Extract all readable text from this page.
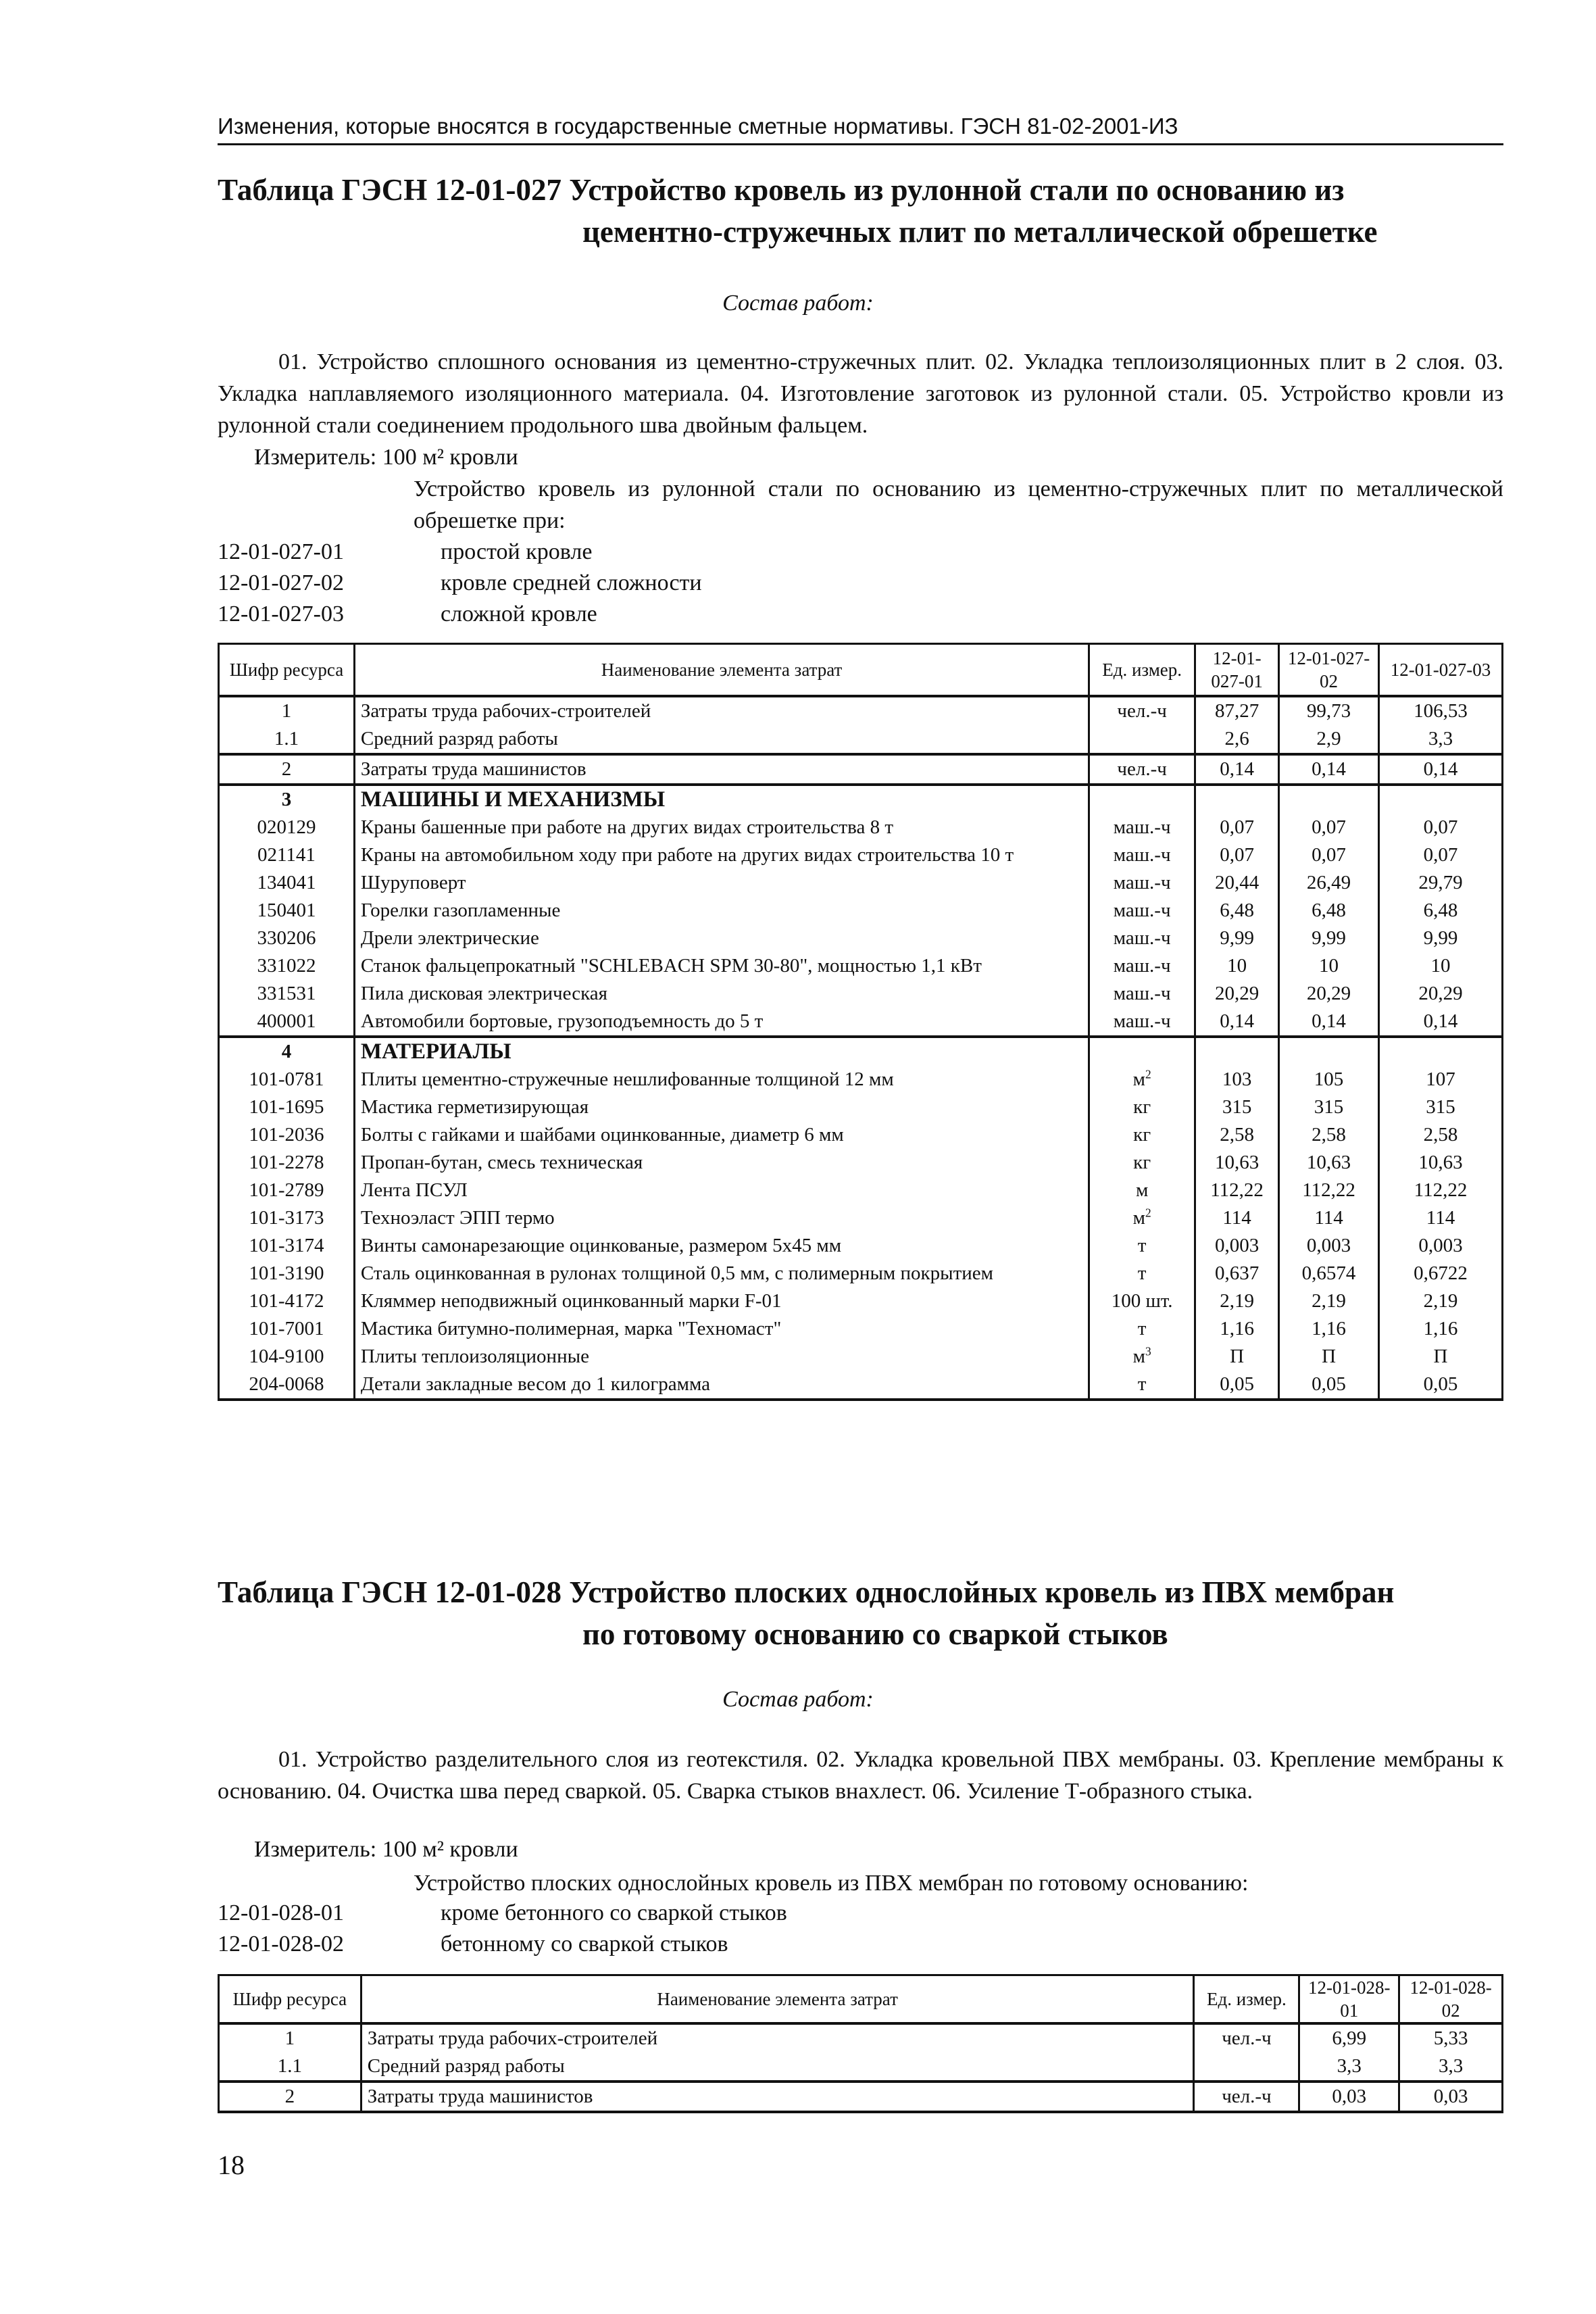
Изменения, которые вносятся в государственные сметные нормативы. ГЭСН 81-02-2001-ИЗ
Таблица ГЭСН 12-01-027 Устройство кровель из рулонной стали по основанию из
цементно-стружечных плит по металлической обрешетке
Состав работ:
01. Устройство сплошного основания из цементно-стружечных плит. 02. Укладка теплоизоляционных плит в 2 слоя. 03. Укладка наплавляемого изоляционного материала. 04. Изготовление заготовок из рулонной стали. 05. Устройство кровли из рулонной стали соединением продольного шва двойным фальцем.
Измеритель: 100 м² кровли
Устройство кровель из рулонной стали по основанию из цементно-стружечных плит по металлической обрешетке при:
12-01-027-01	простой кровле
12-01-027-02	кровле средней сложности
12-01-027-03	сложной кровле
Шифр ресурса	Наименование элемента затрат	Ед. измер.	12-01-027-01	12-01-027-02	12-01-027-03
1	Затраты труда рабочих-строителей	чел.-ч	87,27	99,73	106,53
1.1	Средний разряд работы		2,6	2,9	3,3
2	Затраты труда машинистов	чел.-ч	0,14	0,14	0,14
3	МАШИНЫ И МЕХАНИЗМЫ				
020129	Краны башенные при работе на других видах строительства 8 т	маш.-ч	0,07	0,07	0,07
021141	Краны на автомобильном ходу при работе на других видах строительства 10 т	маш.-ч	0,07	0,07	0,07
134041	Шуруповерт	маш.-ч	20,44	26,49	29,79
150401	Горелки газопламенные	маш.-ч	6,48	6,48	6,48
330206	Дрели электрические	маш.-ч	9,99	9,99	9,99
331022	Станок фальцепрокатный "SCHLEBACH SPM 30-80", мощностью 1,1 кВт	маш.-ч	10	10	10
331531	Пила дисковая электрическая	маш.-ч	20,29	20,29	20,29
400001	Автомобили бортовые, грузоподъемность до 5 т	маш.-ч	0,14	0,14	0,14
4	МАТЕРИАЛЫ				
101-0781	Плиты цементно-стружечные нешлифованные толщиной 12 мм	$м^2$	103	105	107
101-1695	Мастика герметизирующая	кг	315	315	315
101-2036	Болты с гайками и шайбами оцинкованные, диаметр 6 мм	кг	2,58	2,58	2,58
101-2278	Пропан-бутан, смесь техническая	кг	10,63	10,63	10,63
101-2789	Лента ПСУЛ	м	112,22	112,22	112,22
101-3173	Техноэласт ЭПП термо	$м^2$	114	114	114
101-3174	Винты самонарезающие оцинкованые, размером 5х45 мм	т	0,003	0,003	0,003
101-3190	Сталь оцинкованная в рулонах толщиной 0,5 мм, с полимерным покрытием	т	0,637	0,6574	0,6722
101-4172	Кляммер неподвижный оцинкованный марки F-01	100 шт.	2,19	2,19	2,19
101-7001	Мастика битумно-полимерная, марка "Техномаст"	т	1,16	1,16	1,16
104-9100	Плиты теплоизоляционные	$м^3$	П	П	П
204-0068	Детали закладные весом до 1 килограмма	т	0,05	0,05	0,05
Таблица ГЭСН 12-01-028 Устройство плоских однослойных кровель из ПВХ мембран
по готовому основанию со сваркой стыков
Состав работ:
01. Устройство разделительного слоя из геотекстиля. 02. Укладка кровельной ПВХ мембраны. 03. Крепление мембраны к основанию. 04. Очистка шва перед сваркой. 05. Сварка стыков внахлест. 06. Усиление Т-образного стыка.
Измеритель: 100 м² кровли
Устройство плоских однослойных кровель из ПВХ мембран по готовому основанию:
12-01-028-01	кроме бетонного со сваркой стыков
12-01-028-02	бетонному со сваркой стыков
Шифр ресурса	Наименование элемента затрат	Ед. измер.	12-01-028-01	12-01-028-02
1	Затраты труда рабочих-строителей	чел.-ч	6,99	5,33
1.1	Средний разряд работы		3,3	3,3
2	Затраты труда машинистов	чел.-ч	0,03	0,03
18
